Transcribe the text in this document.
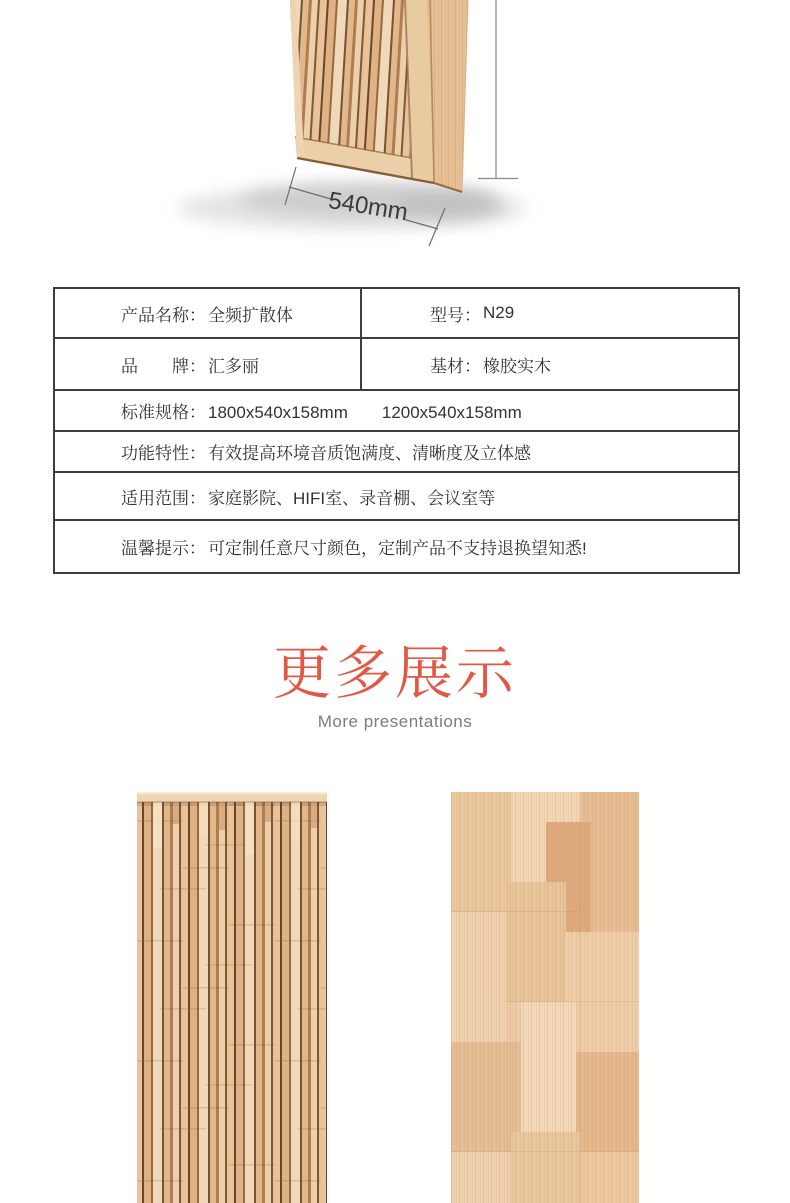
540mm
产品名称： 全频扩散体	型号： N29
品　　牌： 汇多丽	基材： 橡胶实木
标准规格： 1800x540x158mm　　1200x540x158mm
功能特性： 有效提高环境音质饱满度、清晰度及立体感
适用范围： 家庭影院、HIFI室、录音棚、会议室等
温馨提示： 可定制任意尺寸颜色，定制产品不支持退换望知悉!
更多展示
More presentations
